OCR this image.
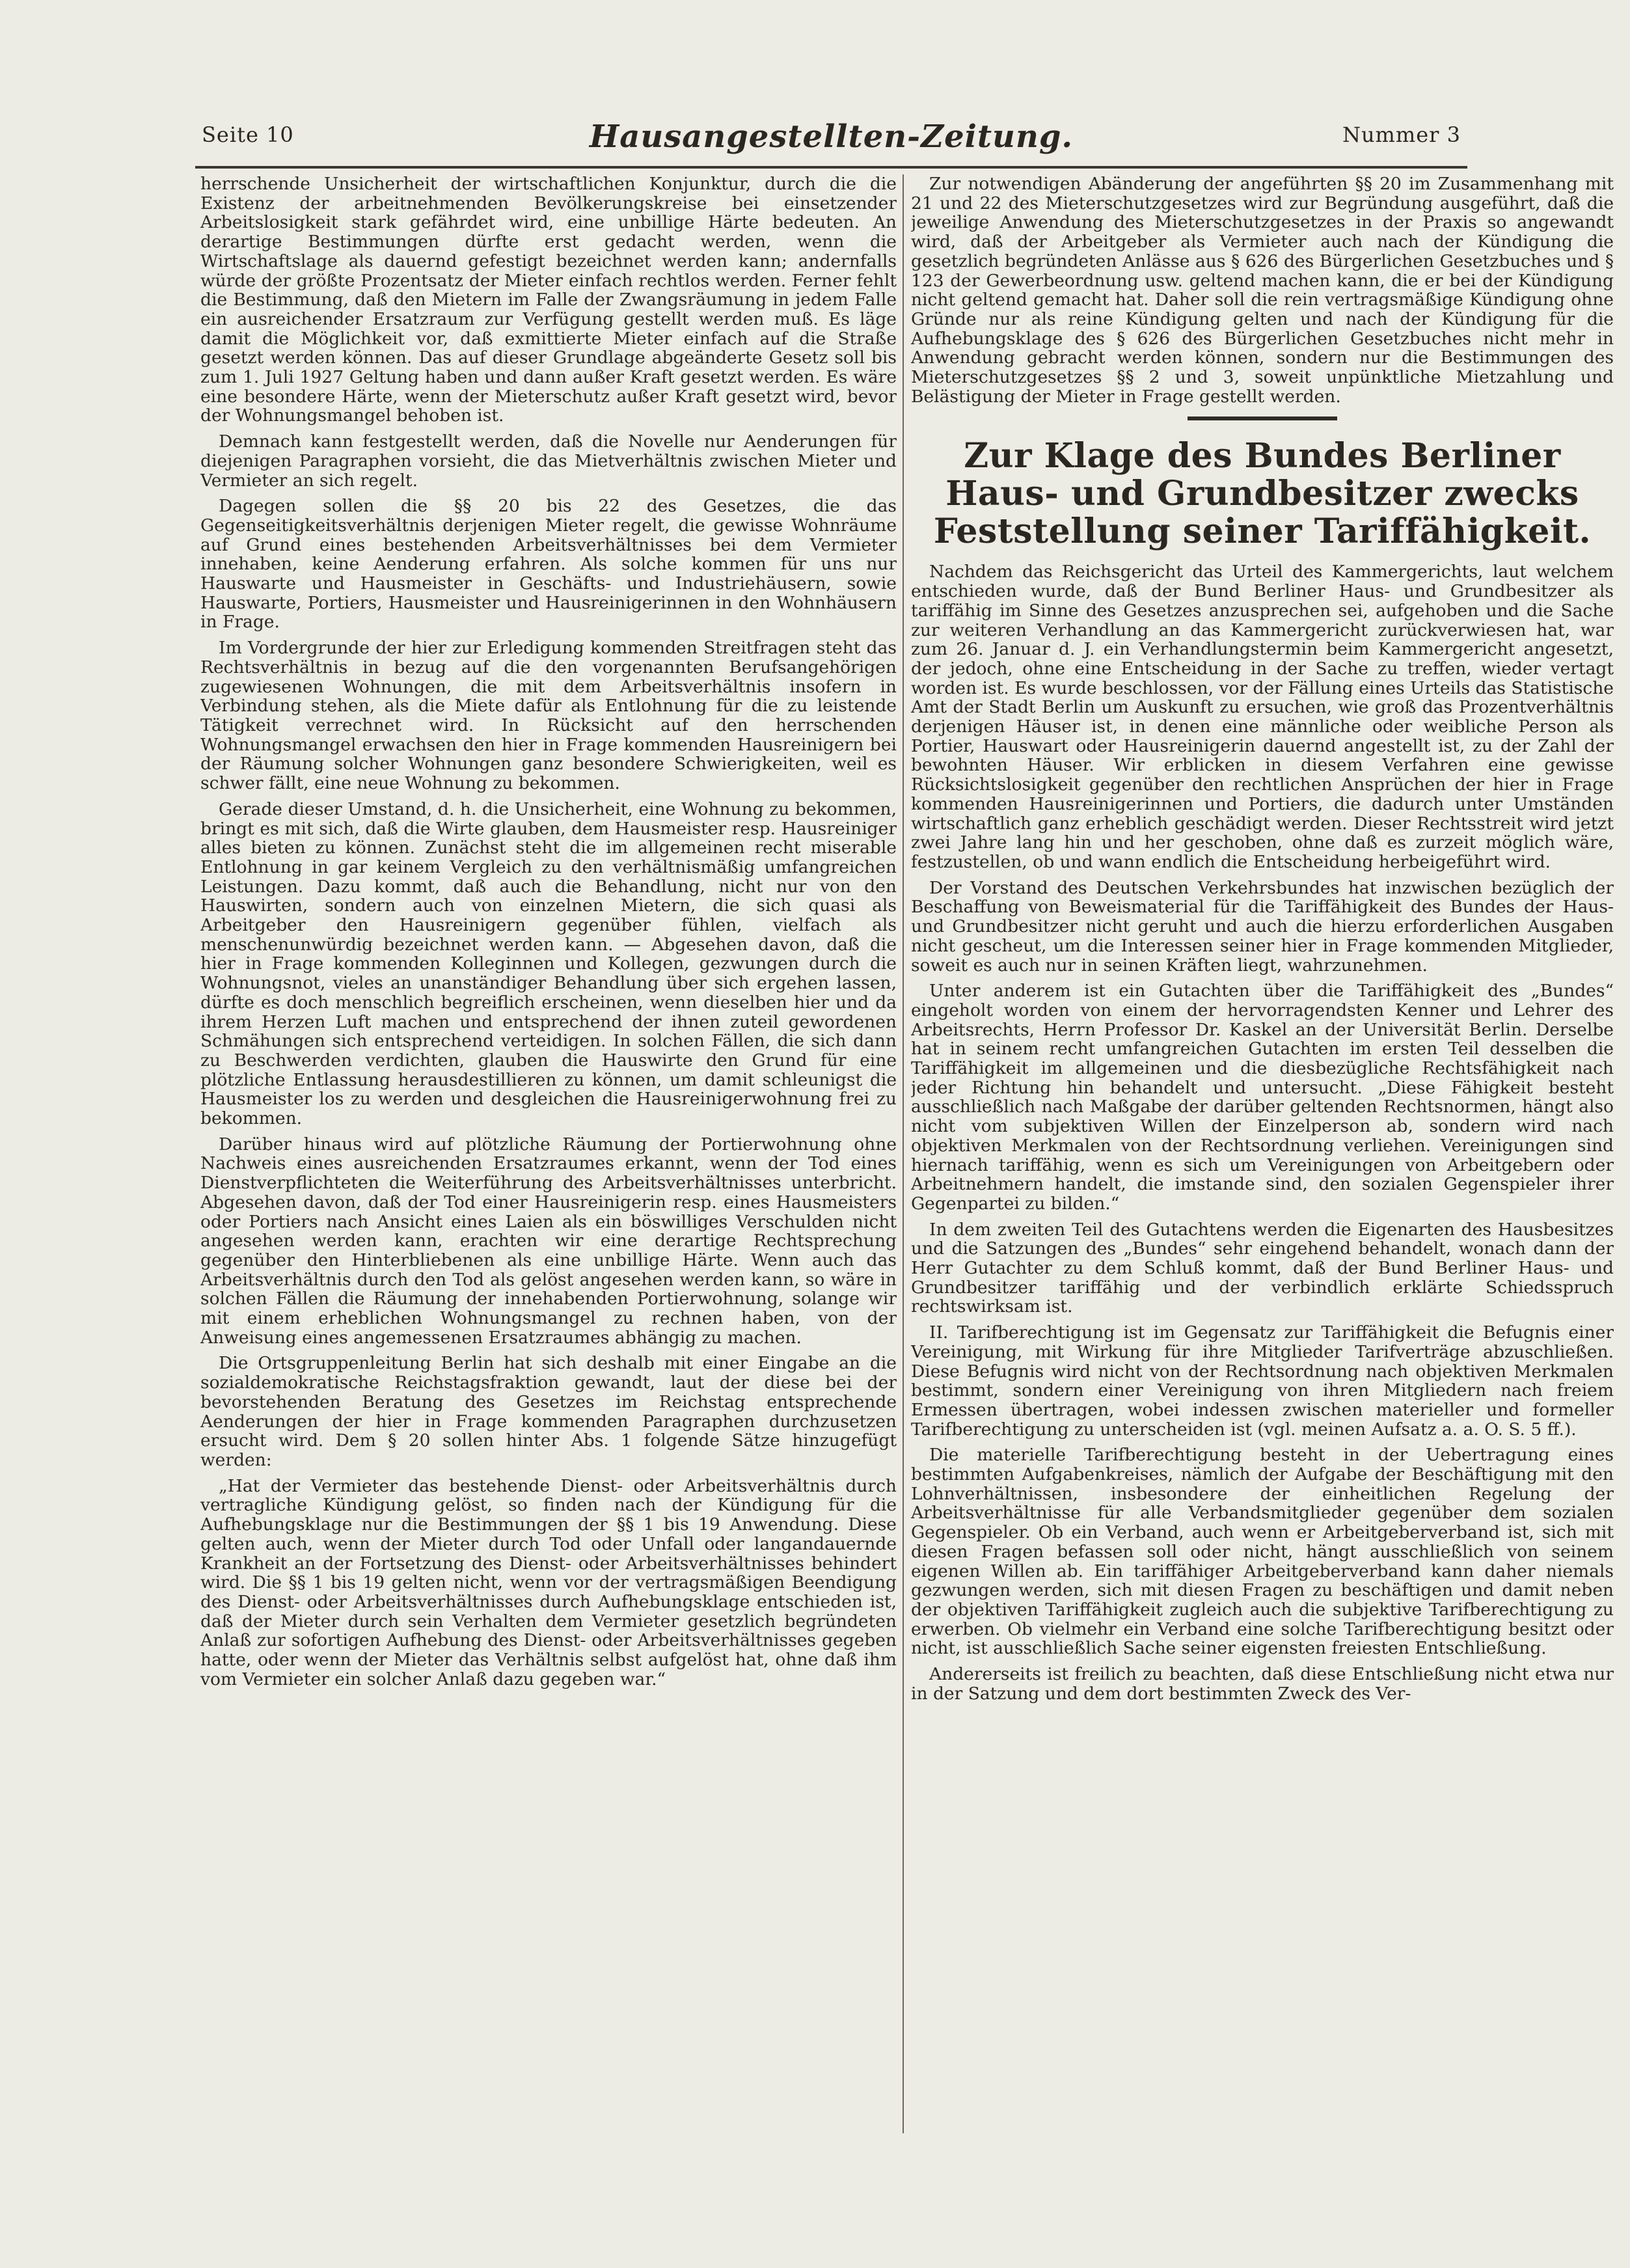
Seite 10	Hausangestellten-Zeitung.	Nummer 3

herrschende Unsicherheit der wirtschaftlichen Konjunktur, durch die die Existenz der arbeitnehmenden Bevölkerungskreise bei einsetzender Arbeitslosigkeit stark gefährdet wird, eine unbillige Härte bedeuten. An derartige Bestimmungen dürfte erst gedacht werden, wenn die Wirtschaftslage als dauernd gefestigt bezeichnet werden kann; andernfalls würde der größte Prozentsatz der Mieter einfach rechtlos werden. Ferner fehlt die Bestimmung, daß den Mietern im Falle der Zwangsräumung in jedem Falle ein ausreichender Ersatzraum zur Verfügung gestellt werden muß. Es läge damit die Möglichkeit vor, daß exmittierte Mieter einfach auf die Straße gesetzt werden können. Das auf dieser Grundlage abgeänderte Gesetz soll bis zum 1. Juli 1927 Geltung haben und dann außer Kraft gesetzt werden. Es wäre eine besondere Härte, wenn der Mieterschutz außer Kraft gesetzt wird, bevor der Wohnungsmangel behoben ist.

Demnach kann festgestellt werden, daß die Novelle nur Aenderungen für diejenigen Paragraphen vorsieht, die das Mietverhältnis zwischen Mieter und Vermieter an sich regelt.

Dagegen sollen die §§ 20 bis 22 des Gesetzes, die das Gegenseitigkeitsverhältnis derjenigen Mieter regelt, die gewisse Wohnräume auf Grund eines bestehenden Arbeitsverhältnisses bei dem Vermieter innehaben, keine Aenderung erfahren. Als solche kommen für uns nur Hauswarte und Hausmeister in Geschäfts- und Industriehäusern, sowie Hauswarte, Portiers, Hausmeister und Hausreinigerinnen in den Wohnhäusern in Frage.

Im Vordergrunde der hier zur Erledigung kommenden Streitfragen steht das Rechtsverhältnis in bezug auf die den vorgenannten Berufsangehörigen zugewiesenen Wohnungen, die mit dem Arbeitsverhältnis insofern in Verbindung stehen, als die Miete dafür als Entlohnung für die zu leistende Tätigkeit verrechnet wird. In Rücksicht auf den herrschenden Wohnungsmangel erwachsen den hier in Frage kommenden Hausreinigern bei der Räumung solcher Wohnungen ganz besondere Schwierigkeiten, weil es schwer fällt, eine neue Wohnung zu bekommen.

Gerade dieser Umstand, d. h. die Unsicherheit, eine Wohnung zu bekommen, bringt es mit sich, daß die Wirte glauben, dem Hausmeister resp. Hausreiniger alles bieten zu können. Zunächst steht die im allgemeinen recht miserable Entlohnung in gar keinem Vergleich zu den verhältnismäßig umfangreichen Leistungen. Dazu kommt, daß auch die Behandlung, nicht nur von den Hauswirten, sondern auch von einzelnen Mietern, die sich quasi als Arbeitgeber den Hausreinigern gegenüber fühlen, vielfach als menschenunwürdig bezeichnet werden kann. — Abgesehen davon, daß die hier in Frage kommenden Kolleginnen und Kollegen, gezwungen durch die Wohnungsnot, vieles an unanständiger Behandlung über sich ergehen lassen, dürfte es doch menschlich begreiflich erscheinen, wenn dieselben hier und da ihrem Herzen Luft machen und entsprechend der ihnen zuteil gewordenen Schmähungen sich entsprechend verteidigen. In solchen Fällen, die sich dann zu Beschwerden verdichten, glauben die Hauswirte den Grund für eine plötzliche Entlassung herausdestillieren zu können, um damit schleunigst die Hausmeister los zu werden und desgleichen die Hausreinigerwohnung frei zu bekommen.

Darüber hinaus wird auf plötzliche Räumung der Portierwohnung ohne Nachweis eines ausreichenden Ersatzraumes erkannt, wenn der Tod eines Dienstverpflichteten die Weiterführung des Arbeitsverhältnisses unterbricht. Abgesehen davon, daß der Tod einer Hausreinigerin resp. eines Hausmeisters oder Portiers nach Ansicht eines Laien als ein böswilliges Verschulden nicht angesehen werden kann, erachten wir eine derartige Rechtsprechung gegenüber den Hinterbliebenen als eine unbillige Härte. Wenn auch das Arbeitsverhältnis durch den Tod als gelöst angesehen werden kann, so wäre in solchen Fällen die Räumung der innehabenden Portierwohnung, solange wir mit einem erheblichen Wohnungsmangel zu rechnen haben, von der Anweisung eines angemessenen Ersatzraumes abhängig zu machen.

Die Ortsgruppenleitung Berlin hat sich deshalb mit einer Eingabe an die sozialdemokratische Reichstagsfraktion gewandt, laut der diese bei der bevorstehenden Beratung des Gesetzes im Reichstag entsprechende Aenderungen der hier in Frage kommenden Paragraphen durchzusetzen ersucht wird. Dem § 20 sollen hinter Abs. 1 folgende Sätze hinzugefügt werden:

„Hat der Vermieter das bestehende Dienst- oder Arbeitsverhältnis durch vertragliche Kündigung gelöst, so finden nach der Kündigung für die Aufhebungsklage nur die Bestimmungen der §§ 1 bis 19 Anwendung. Diese gelten auch, wenn der Mieter durch Tod oder Unfall oder langandauernde Krankheit an der Fortsetzung des Dienst- oder Arbeitsverhältnisses behindert wird. Die §§ 1 bis 19 gelten nicht, wenn vor der vertragsmäßigen Beendigung des Dienst- oder Arbeitsverhältnisses durch Aufhebungsklage entschieden ist, daß der Mieter durch sein Verhalten dem Vermieter gesetzlich begründeten Anlaß zur sofortigen Aufhebung des Dienst- oder Arbeitsverhältnisses gegeben hatte, oder wenn der Mieter das Verhältnis selbst aufgelöst hat, ohne daß ihm vom Vermieter ein solcher Anlaß dazu gegeben war.“

Zur notwendigen Abänderung der angeführten §§ 20 im Zusammenhang mit 21 und 22 des Mieterschutzgesetzes wird zur Begründung ausgeführt, daß die jeweilige Anwendung des Mieterschutzgesetzes in der Praxis so angewandt wird, daß der Arbeitgeber als Vermieter auch nach der Kündigung die gesetzlich begründeten Anlässe aus § 626 des Bürgerlichen Gesetzbuches und § 123 der Gewerbeordnung usw. geltend machen kann, die er bei der Kündigung nicht geltend gemacht hat. Daher soll die rein vertragsmäßige Kündigung ohne Gründe nur als reine Kündigung gelten und nach der Kündigung für die Aufhebungsklage des § 626 des Bürgerlichen Gesetzbuches nicht mehr in Anwendung gebracht werden können, sondern nur die Bestimmungen des Mieterschutzgesetzes §§ 2 und 3, soweit unpünktliche Mietzahlung und Belästigung der Mieter in Frage gestellt werden.

Zur Klage des Bundes Berliner Haus- und Grundbesitzer zwecks Feststellung seiner Tariffähigkeit.

Nachdem das Reichsgericht das Urteil des Kammergerichts, laut welchem entschieden wurde, daß der Bund Berliner Haus- und Grundbesitzer als tariffähig im Sinne des Gesetzes anzusprechen sei, aufgehoben und die Sache zur weiteren Verhandlung an das Kammergericht zurückverwiesen hat, war zum 26. Januar d. J. ein Verhandlungstermin beim Kammergericht angesetzt, der jedoch, ohne eine Entscheidung in der Sache zu treffen, wieder vertagt worden ist. Es wurde beschlossen, vor der Fällung eines Urteils das Statistische Amt der Stadt Berlin um Auskunft zu ersuchen, wie groß das Prozentverhältnis derjenigen Häuser ist, in denen eine männliche oder weibliche Person als Portier, Hauswart oder Hausreinigerin dauernd angestellt ist, zu der Zahl der bewohnten Häuser. Wir erblicken in diesem Verfahren eine gewisse Rücksichtslosigkeit gegenüber den rechtlichen Ansprüchen der hier in Frage kommenden Hausreinigerinnen und Portiers, die dadurch unter Umständen wirtschaftlich ganz erheblich geschädigt werden. Dieser Rechtsstreit wird jetzt zwei Jahre lang hin und her geschoben, ohne daß es zurzeit möglich wäre, festzustellen, ob und wann endlich die Entscheidung herbeigeführt wird.

Der Vorstand des Deutschen Verkehrsbundes hat inzwischen bezüglich der Beschaffung von Beweismaterial für die Tariffähigkeit des Bundes der Haus- und Grundbesitzer nicht geruht und auch die hierzu erforderlichen Ausgaben nicht gescheut, um die Interessen seiner hier in Frage kommenden Mitglieder, soweit es auch nur in seinen Kräften liegt, wahrzunehmen.

Unter anderem ist ein Gutachten über die Tariffähigkeit des „Bundes“ eingeholt worden von einem der hervorragendsten Kenner und Lehrer des Arbeitsrechts, Herrn Professor Dr. Kaskel an der Universität Berlin. Derselbe hat in seinem recht umfangreichen Gutachten im ersten Teil desselben die Tariffähigkeit im allgemeinen und die diesbezügliche Rechtsfähigkeit nach jeder Richtung hin behandelt und untersucht. „Diese Fähigkeit besteht ausschließlich nach Maßgabe der darüber geltenden Rechtsnormen, hängt also nicht vom subjektiven Willen der Einzelperson ab, sondern wird nach objektiven Merkmalen von der Rechtsordnung verliehen. Vereinigungen sind hiernach tariffähig, wenn es sich um Vereinigungen von Arbeitgebern oder Arbeitnehmern handelt, die imstande sind, den sozialen Gegenspieler ihrer Gegenpartei zu bilden.“

In dem zweiten Teil des Gutachtens werden die Eigenarten des Hausbesitzes und die Satzungen des „Bundes“ sehr eingehend behandelt, wonach dann der Herr Gutachter zu dem Schluß kommt, daß der Bund Berliner Haus- und Grundbesitzer tariffähig und der verbindlich erklärte Schiedsspruch rechtswirksam ist.

II. Tarifberechtigung ist im Gegensatz zur Tariffähigkeit die Befugnis einer Vereinigung, mit Wirkung für ihre Mitglieder Tarifverträge abzuschließen. Diese Befugnis wird nicht von der Rechtsordnung nach objektiven Merkmalen bestimmt, sondern einer Vereinigung von ihren Mitgliedern nach freiem Ermessen übertragen, wobei indessen zwischen materieller und formeller Tarifberechtigung zu unterscheiden ist (vgl. meinen Aufsatz a. a. O. S. 5 ff.).

Die materielle Tarifberechtigung besteht in der Uebertragung eines bestimmten Aufgabenkreises, nämlich der Aufgabe der Beschäftigung mit den Lohnverhältnissen, insbesondere der einheitlichen Regelung der Arbeitsverhältnisse für alle Verbandsmitglieder gegenüber dem sozialen Gegenspieler. Ob ein Verband, auch wenn er Arbeitgeberverband ist, sich mit diesen Fragen befassen soll oder nicht, hängt ausschließlich von seinem eigenen Willen ab. Ein tariffähiger Arbeitgeberverband kann daher niemals gezwungen werden, sich mit diesen Fragen zu beschäftigen und damit neben der objektiven Tariffähigkeit zugleich auch die subjektive Tarifberechtigung zu erwerben. Ob vielmehr ein Verband eine solche Tarifberechtigung besitzt oder nicht, ist ausschließlich Sache seiner eigensten freiesten Entschließung.

Andererseits ist freilich zu beachten, daß diese Entschließung nicht etwa nur in der Satzung und dem dort bestimmten Zweck des Ver-
